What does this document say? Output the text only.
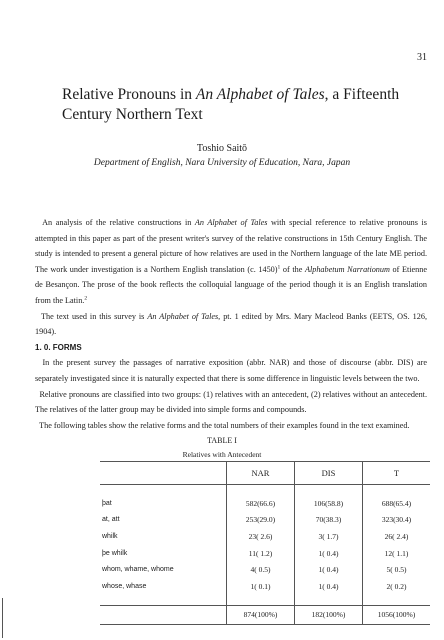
31
Relative Pronouns in An Alphabet of Tales, a Fifteenth Century Northern Text
Toshio Saitō
Department of English, Nara University of Education, Nara, Japan

An analysis of the relative constructions in An Alphabet of Tales with special reference to relative pronouns is attempted in this paper as part of the present writer's survey of the relative constructions in 15th Century English. The study is intended to present a general picture of how relatives are used in the Northern language of the late ME period. The work under investigation is a Northern English translation (c. 1450)$^1$ of the Alphabetum Narrationum of Etienne de Besançon. The prose of the book reflects the colloquial language of the period though it is an English translation from the Latin.$^2$

The text used in this survey is An Alphabet of Tales, pt. 1 edited by Mrs. Mary Macleod Banks (EETS, OS. 126, 1904).

1. 0. FORMS

In the present survey the passages of narrative exposition (abbr. NAR) and those of discourse (abbr. DIS) are separately investigated since it is naturally expected that there is some difference in linguistic levels between the two.

Relative pronouns are classified into two groups: (1) relatives with an antecedent, (2) relatives without an antecedent. The relatives of the latter group may be divided into simple forms and compounds.

The following tables show the relative forms and the total numbers of their examples found in the text examined.

TABLE I
Relatives with Antecedent
	NAR	DIS	T

þat	582(66.6)	106(58.8)	688(65.4)
at, att	253(29.0)	70(38.3)	323(30.4)
whilk	23( 2.6)	3( 1.7)	26( 2.4)
þe whilk	11( 1.2)	1( 0.4)	12( 1.1)
whom, whame, whome	4( 0.5)	1( 0.4)	5( 0.5)
whose, whase	1( 0.1)	1( 0.4)	2( 0.2)

	874(100%)	182(100%)	1056(100%)
